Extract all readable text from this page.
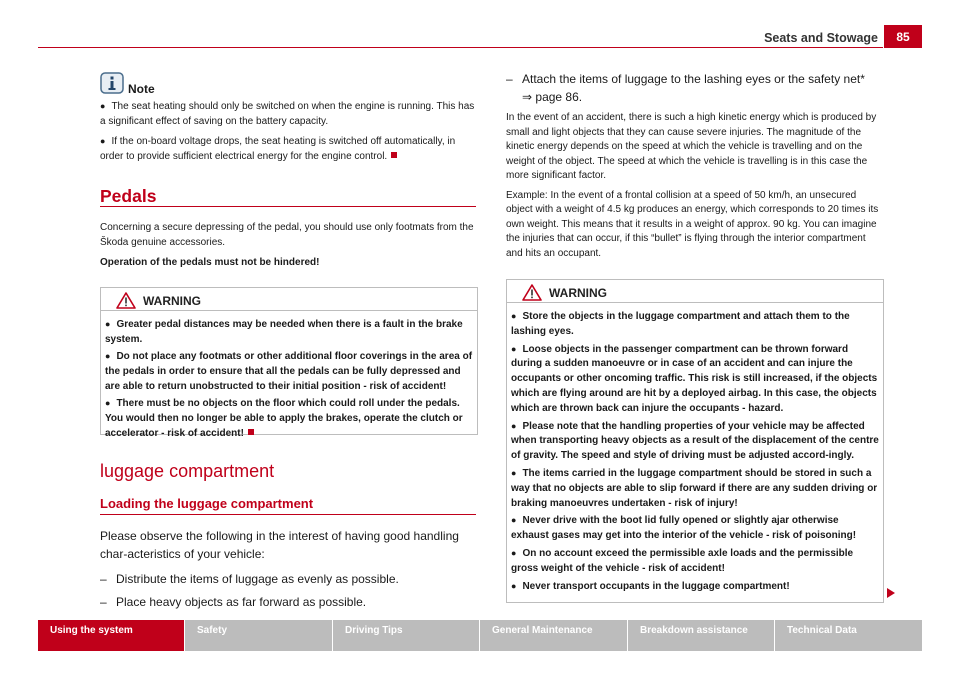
Seats and Stowage	85
Note

● The seat heating should only be switched on when the engine is running. This has a significant effect of saving on the battery capacity.

● If the on-board voltage drops, the seat heating is switched off automatically, in order to provide sufficient electrical energy for the engine control.

Pedals

Concerning a secure depressing of the pedal, you should use only footmats from the Škoda genuine accessories.

Operation of the pedals must not be hindered!

WARNING

● Greater pedal distances may be needed when there is a fault in the brake system.

● Do not place any footmats or other additional floor coverings in the area of the pedals in order to ensure that all the pedals can be fully depressed and are able to return unobstructed to their initial position - risk of accident!

● There must be no objects on the floor which could roll under the pedals. You would then no longer be able to apply the brakes, operate the clutch or accelerator - risk of accident!

luggage compartment
Loading the luggage compartment
Please observe the following in the interest of having good handling char-acteristics of your vehicle:
– Distribute the items of luggage as evenly as possible.
– Place heavy objects as far forward as possible.
– Attach the items of luggage to the lashing eyes or the safety net*
⇒ page 86.

In the event of an accident, there is such a high kinetic energy which is produced by small and light objects that they can cause severe injuries. The magnitude of the kinetic energy depends on the speed at which the vehicle is travelling and on the weight of the object. The speed at which the vehicle is travelling is in this case the more significant factor.

Example: In the event of a frontal collision at a speed of 50 km/h, an unsecured object with a weight of 4.5 kg produces an energy, which corresponds to 20 times its own weight. This means that it results in a weight of approx. 90 kg. You can imagine the injuries that can occur, if this “bullet” is flying through the interior compartment and hits an occupant.

WARNING

● Store the objects in the luggage compartment and attach them to the lashing eyes.

● Loose objects in the passenger compartment can be thrown forward during a sudden manoeuvre or in case of an accident and can injure the occupants or other oncoming traffic. This risk is still increased, if the objects which are flying around are hit by a deployed airbag. In this case, the objects which are thrown back can injure the occupants - hazard.

● Please note that the handling properties of your vehicle may be affected when transporting heavy objects as a result of the displacement of the centre of gravity. The speed and style of driving must be adjusted accord-ingly.

● The items carried in the luggage compartment should be stored in such a way that no objects are able to slip forward if there are any sudden driving or braking manoeuvres undertaken - risk of injury!

● Never drive with the boot lid fully opened or slightly ajar otherwise exhaust gases may get into the interior of the vehicle - risk of poisoning!

● On no account exceed the permissible axle loads and the permissible gross weight of the vehicle - risk of accident!

● Never transport occupants in the luggage compartment!

Using the system	Safety	Driving Tips	General Maintenance	Breakdown assistance	Technical Data
